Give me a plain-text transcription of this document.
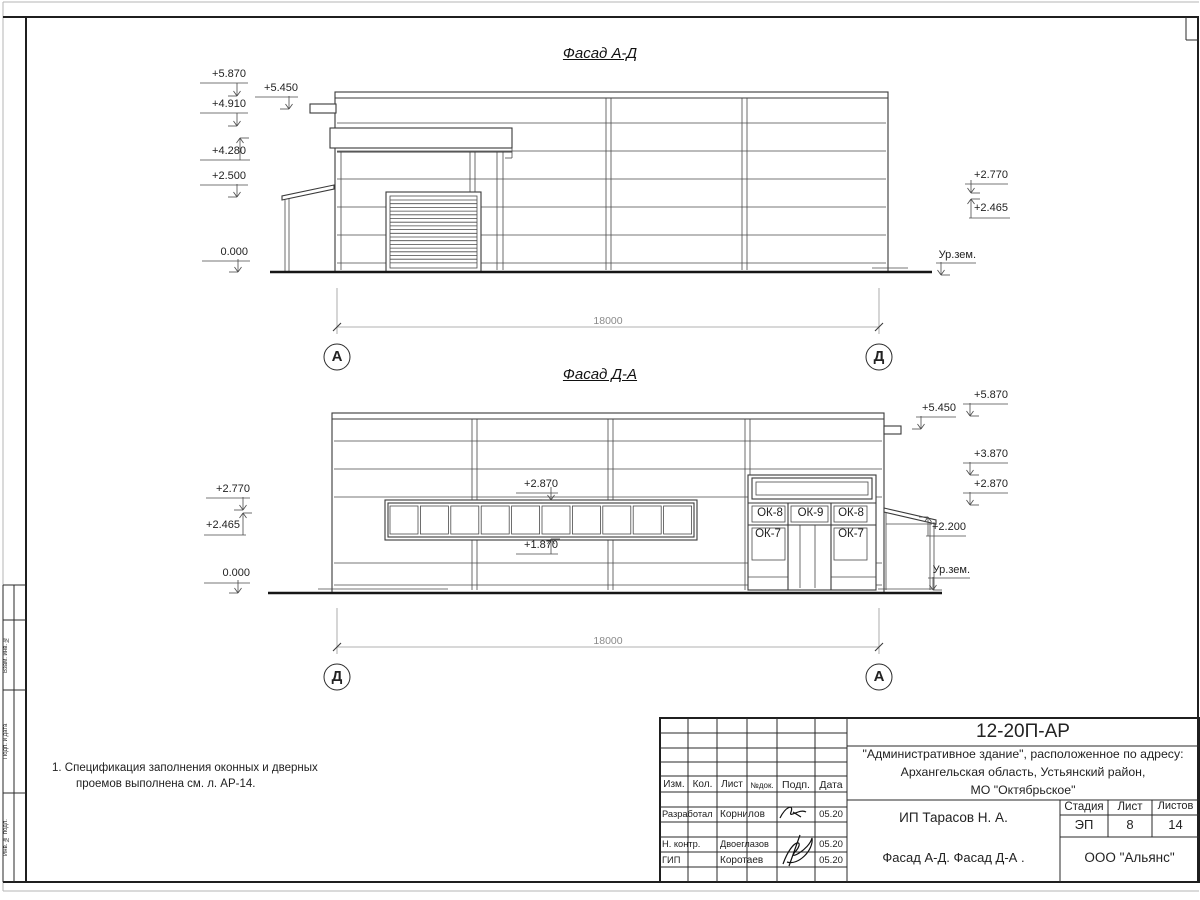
Фасад А-Д
Фасад Д-А
+5.870
+5.450
+4.910
+4.280
+2.500
0.000
+2.770
+2.465
Ур.зем.
18000
А	Д
+2.870
+1.870
+2.770
+2.465
0.000
+5.870
+5.450
+3.870
+2.870
+2.200
Ур.зем.
ОК-8	ОК-9	ОК-8
ОК-7	ОК-7
18000
Д	А
1. Спецификация заполнения оконных и дверных
проемов выполнена см. л. АР-14.
12-20П-АР
"Административное здание", расположенное по адресу:
Архангельская область, Устьянский район,
МО "Октябрьское"
Изм. Кол. Лист №док. Подп. Дата
Разработал Корнилов	05.20
Н. контр.	Двоеглазов	05.20
ГИП	Коротаев	05.20
ИП Тарасов Н. А.
Фасад А-Д. Фасад Д-А .	ООО "Альянс"
Стадия	Лист	Листов
ЭП	8	14
Взам. инв. №
Подп. и дата
Инв. № подл.
